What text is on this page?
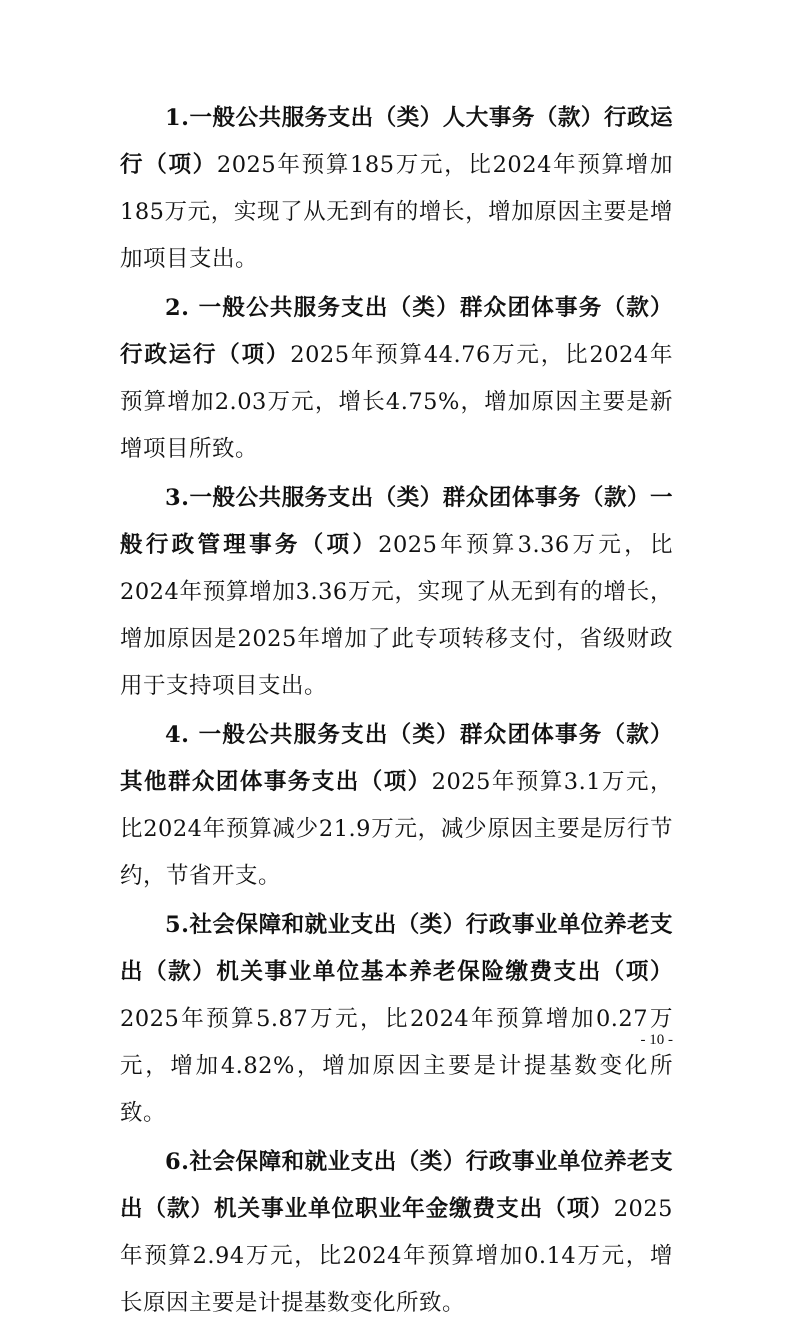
1.一般公共服务支出（类）人大事务（款）行政运行（项）2025年预算185万元，比2024年预算增加185万元，实现了从无到有的增长，增加原因主要是增加项目支出。

2. 一般公共服务支出（类）群众团体事务（款）行政运行（项）2025年预算44.76万元，比2024年预算增加2.03万元，增长4.75%，增加原因主要是新增项目所致。

3.一般公共服务支出（类）群众团体事务（款）一般行政管理事务（项）2025年预算3.36万元，比2024年预算增加3.36万元，实现了从无到有的增长，增加原因是2025年增加了此专项转移支付，省级财政用于支持项目支出。

4. 一般公共服务支出（类）群众团体事务（款）其他群众团体事务支出（项）2025年预算3.1万元，比2024年预算减少21.9万元，减少原因主要是厉行节约，节省开支。

5.社会保障和就业支出（类）行政事业单位养老支出（款）机关事业单位基本养老保险缴费支出（项）2025年预算5.87万元，比2024年预算增加0.27万元，增加4.82%，增加原因主要是计提基数变化所致。

6.社会保障和就业支出（类）行政事业单位养老支出（款）机关事业单位职业年金缴费支出（项）2025年预算2.94万元，比2024年预算增加0.14万元，增长原因主要是计提基数变化所致。

- 10 -
